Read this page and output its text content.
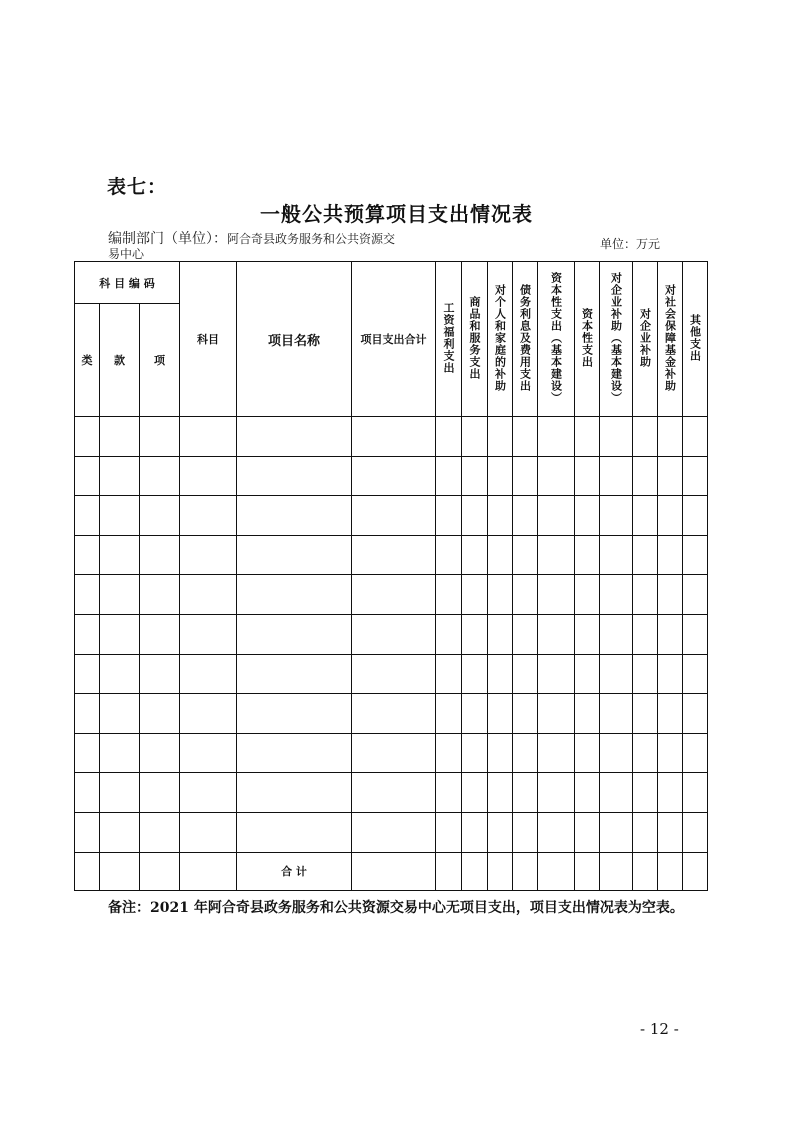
表七：
一般公共预算项目支出情况表
编制部门（单位）：阿合奇县政务服务和公共资源交
易中心
单位：万元
科 目 编 码			科目	项目名称	项目支出合计	工资福利支出	商品和服务支出	对个人和家庭的补助	债务利息及费用支出	资本性支出（基本建设）	资本性支出	对企业补助（基本建设）	对企业补助	对社会保障基金补助	其他支出
类	款	项													

				合 计											
备注：2021 年阿合奇县政务服务和公共资源交易中心无项目支出，项目支出情况表为空表。
- 12 -
